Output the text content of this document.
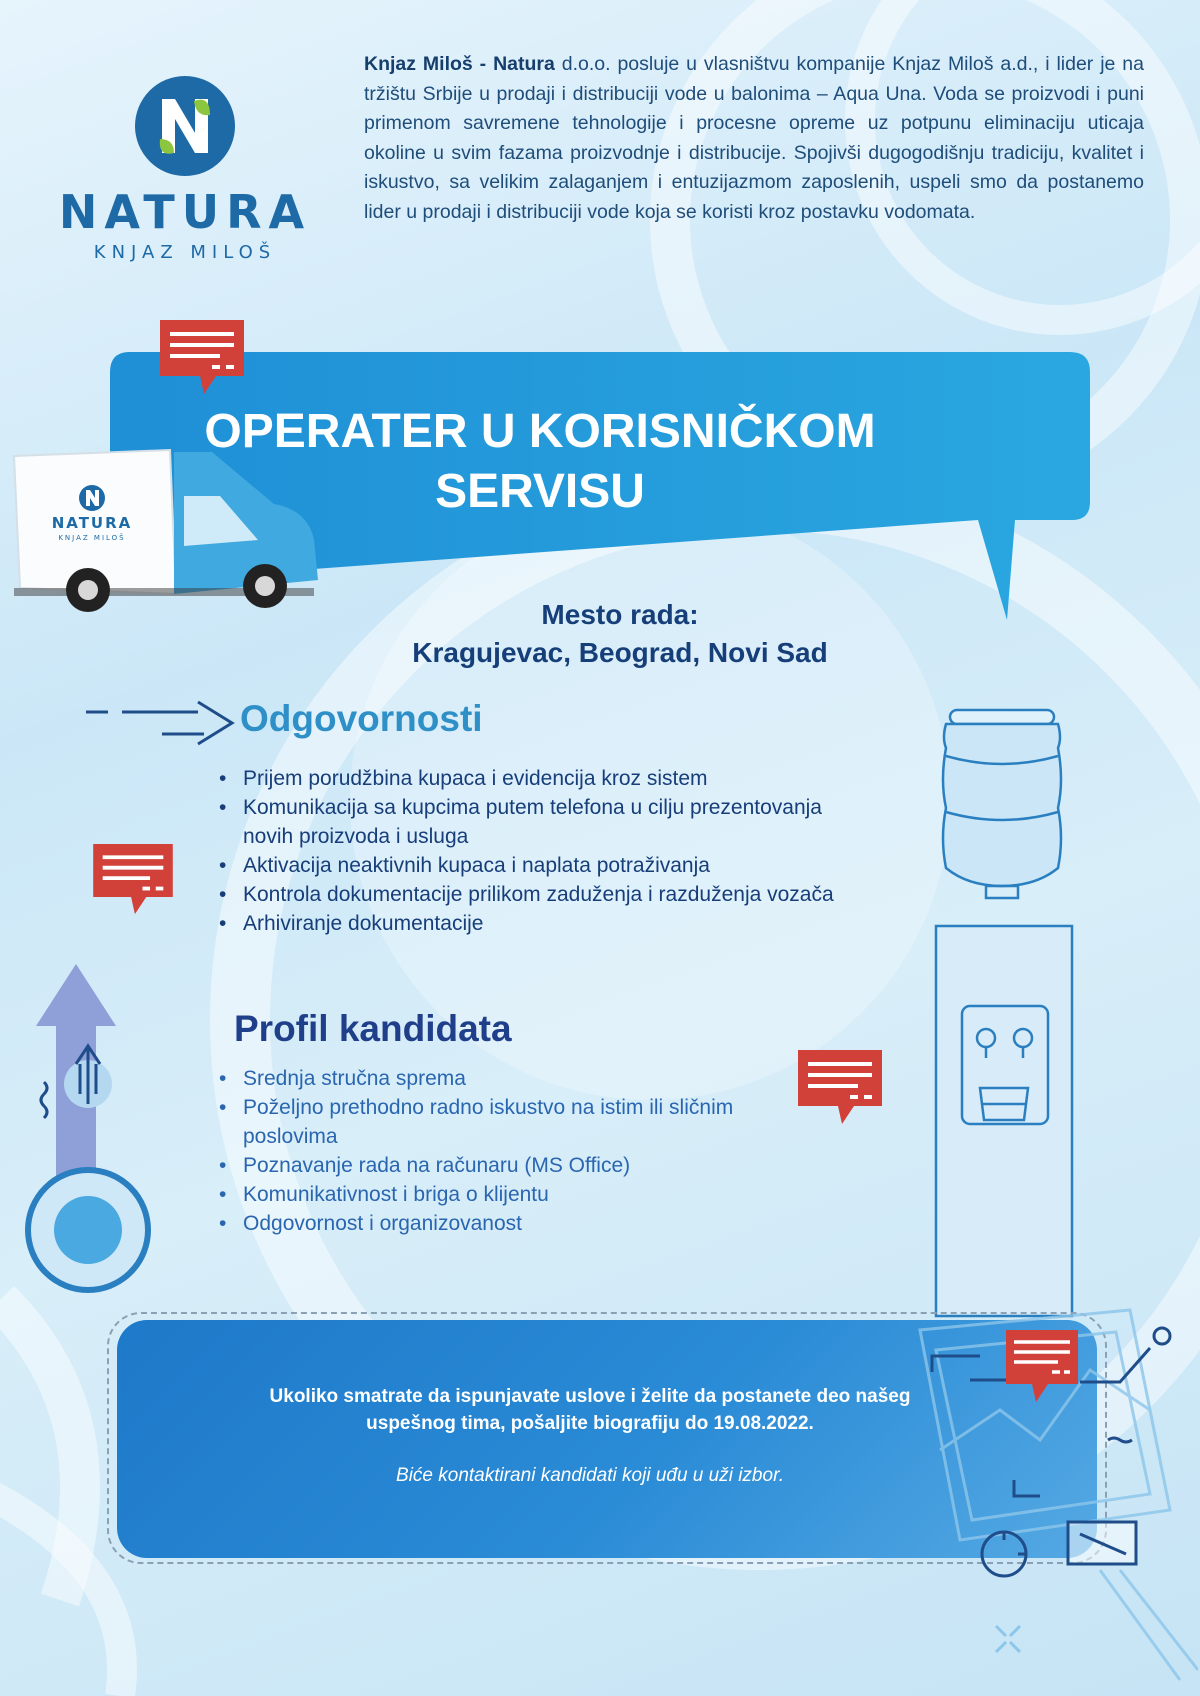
NATURA
KNJAZ MILOŠ

Knjaz Miloš - Natura d.o.o. posluje u vlasništvu kompanije Knjaz Miloš a.d., i lider je na tržištu Srbije u prodaji i distribuciji vode u balonima – Aqua Una. Voda se proizvodi i puni primenom savremene tehnologije i procesne opreme uz potpunu eliminaciju uticaja okoline u svim fazama proizvodnje i distribucije. Spojivši dugogodišnju tradiciju, kvalitet i iskustvo, sa velikim zalaganjem i entuzijazmom zaposlenih, uspeli smo da postanemo lider u prodaji i distribuciji vode koja se koristi kroz postavku vodomata.

NATURA
KNJAZ MILOŠ
OPERATER U KORISNIČKOM
SERVISU
Mesto rada:
Kragujevac, Beograd, Novi Sad
Odgovornosti
• Prijem porudžbina kupaca i evidencija kroz sistem
• Komunikacija sa kupcima putem telefona u cilju prezentovanja novih proizvoda i usluga
• Aktivacija neaktivnih kupaca i naplata potraživanja
• Kontrola dokumentacije prilikom zaduženja i razduženja vozača
• Arhiviranje dokumentacije
Profil kandidata
• Srednja stručna sprema
• Poželjno prethodno radno iskustvo na istim ili sličnim poslovima
• Poznavanje rada na računaru (MS Office)
• Komunikativnost i briga o klijentu
• Odgovornost i organizovanost
Ukoliko smatrate da ispunjavate uslove i želite da postanete deo našeg
uspešnog tima, pošaljite biografiju do 19.08.2022.
Biće kontaktirani kandidati koji uđu u uži izbor.
